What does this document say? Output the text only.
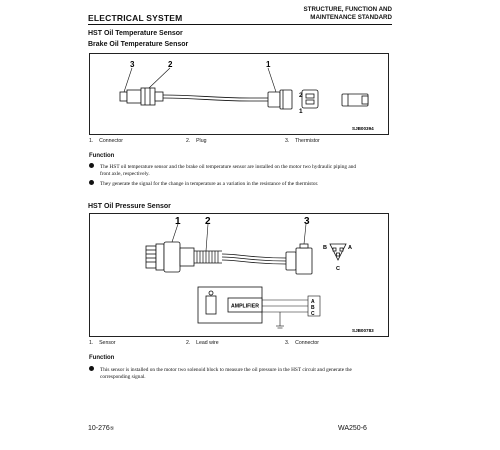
ELECTRICAL SYSTEM
STRUCTURE, FUNCTION AND
MAINTENANCE STANDARD
HST Oil Temperature Sensor
Brake Oil Temperature Sensor
3	2	1
2
1
SJB00394
1. Connector	2. Plug	3. Thermistor
Function
The HST oil temperature sensor and the brake oil temperature sensor are installed on the motor two hydraulic piping and
front axle, respectively.
They generate the signal for the change in temperature as a variation in the resistance of the thermistor.
HST Oil Pressure Sensor
B	A
C
1 2	3
AMPLIFIER
A
B
C
SJB00783
1. Sensor	2. Lead wire	3. Connector
Function
This sensor is installed on the motor two solenoid block to measure the oil pressure in the HST circuit and generate the
corresponding signal.
10-276⑤	WA250-6
